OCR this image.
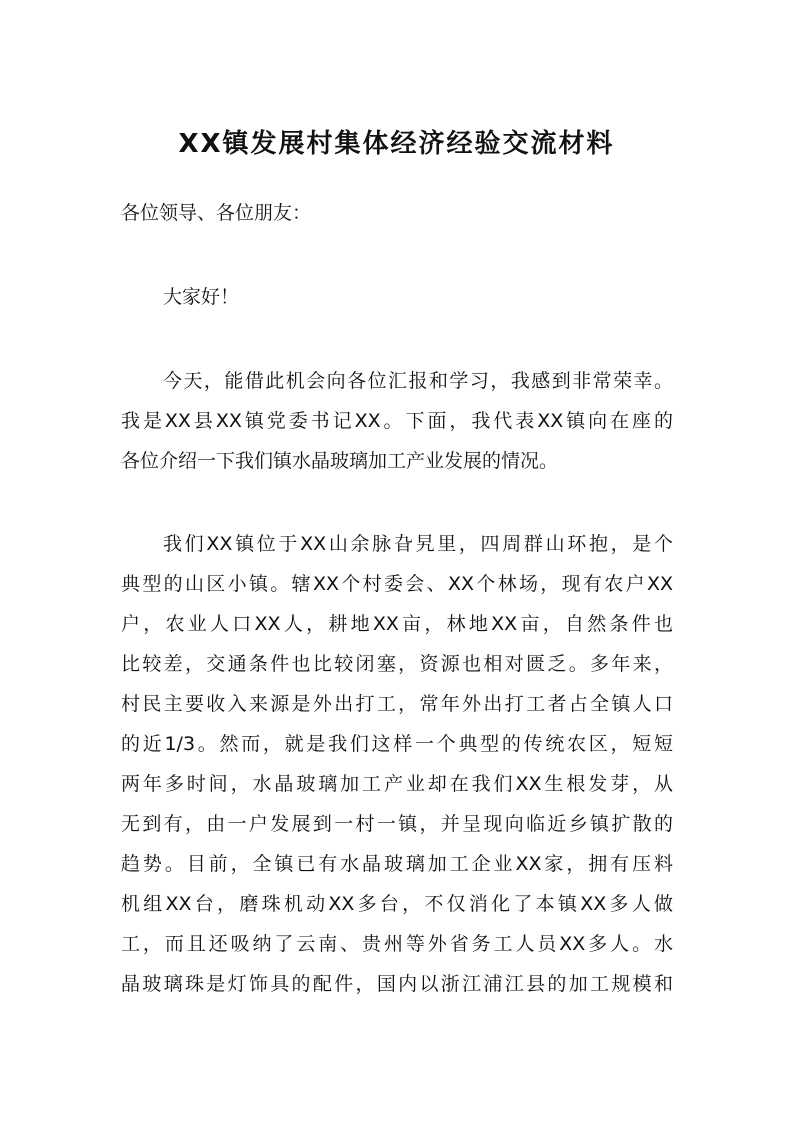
XX镇发展村集体经济经验交流材料
各位领导、各位朋友：
大家好！
今天，能借此机会向各位汇报和学习，我感到非常荣幸。
我是XX县XX镇党委书记XX。下面，我代表XX镇向在座的
各位介绍一下我们镇水晶玻璃加工产业发展的情况。
我们XX镇位于XX山余脉旮旯里，四周群山环抱，是个
典型的山区小镇。辖XX个村委会、XX个林场，现有农户XX
户，农业人口XX人，耕地XX亩，林地XX亩，自然条件也
比较差，交通条件也比较闭塞，资源也相对匮乏。多年来，
村民主要收入来源是外出打工，常年外出打工者占全镇人口
的近1/3。然而，就是我们这样一个典型的传统农区，短短
两年多时间，水晶玻璃加工产业却在我们XX生根发芽，从
无到有，由一户发展到一村一镇，并呈现向临近乡镇扩散的
趋势。目前，全镇已有水晶玻璃加工企业XX家，拥有压料
机组XX台，磨珠机动XX多台，不仅消化了本镇XX多人做
工，而且还吸纳了云南、贵州等外省务工人员XX多人。水
晶玻璃珠是灯饰具的配件，国内以浙江浦江县的加工规模和
